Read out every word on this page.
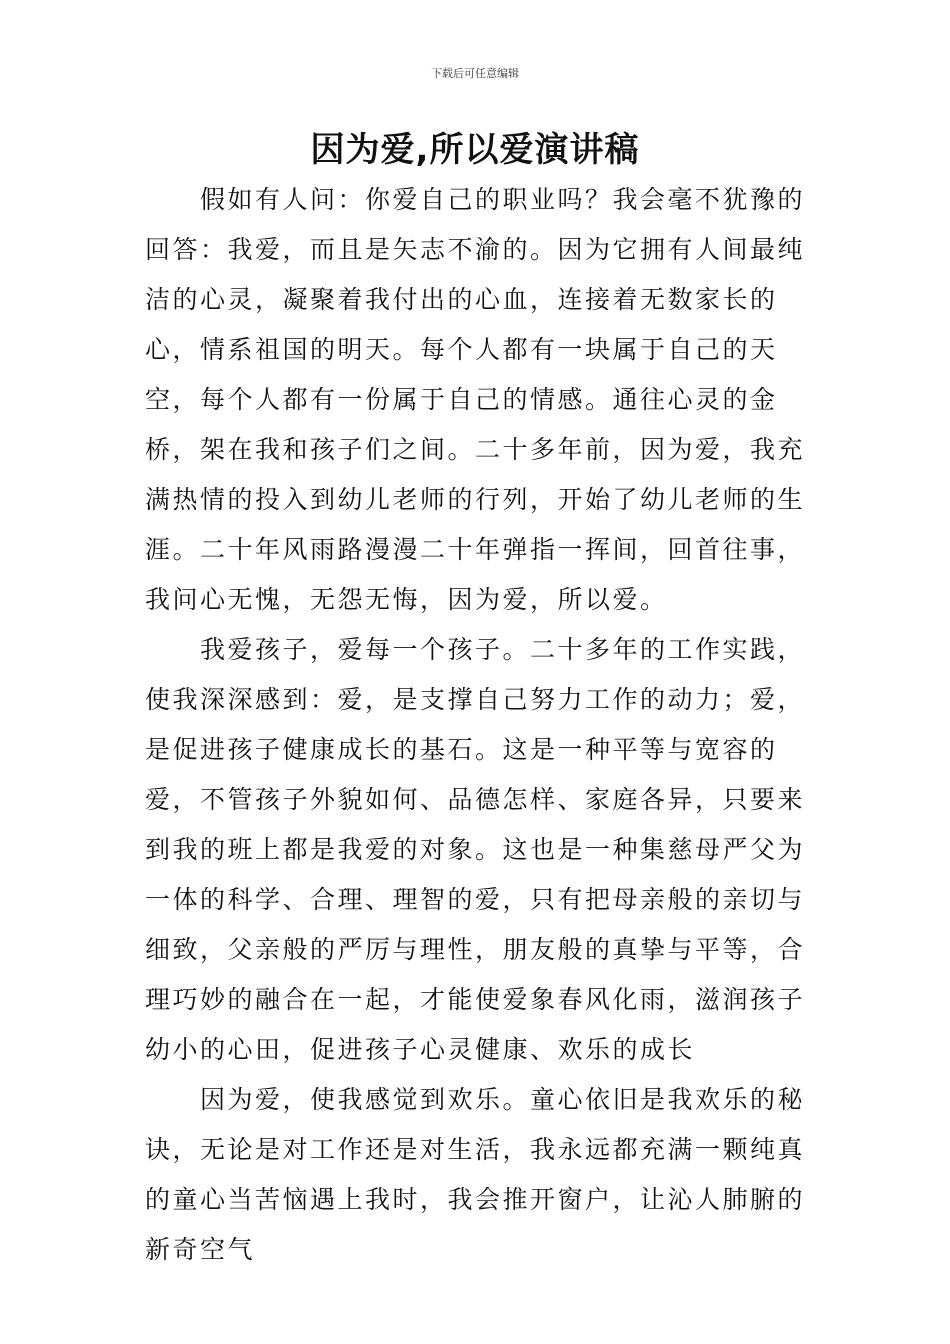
下载后可任意编辑
因为爱,所以爱演讲稿

假如有人问：你爱自己的职业吗？我会毫不犹豫的回答：我爱，而且是矢志不渝的。因为它拥有人间最纯洁的心灵，凝聚着我付出的心血，连接着无数家长的心，情系祖国的明天。每个人都有一块属于自己的天空，每个人都有一份属于自己的情感。通往心灵的金桥，架在我和孩子们之间。二十多年前，因为爱，我充满热情的投入到幼儿老师的行列，开始了幼儿老师的生涯。二十年风雨路漫漫二十年弹指一挥间，回首往事，我问心无愧，无怨无悔，因为爱，所以爱。

我爱孩子，爱每一个孩子。二十多年的工作实践，使我深深感到：爱，是支撑自己努力工作的动力；爱，是促进孩子健康成长的基石。这是一种平等与宽容的爱，不管孩子外貌如何、品德怎样、家庭各异，只要来到我的班上都是我爱的对象。这也是一种集慈母严父为一体的科学、合理、理智的爱，只有把母亲般的亲切与细致，父亲般的严厉与理性，朋友般的真挚与平等，合理巧妙的融合在一起，才能使爱象春风化雨，滋润孩子幼小的心田，促进孩子心灵健康、欢乐的成长

因为爱，使我感觉到欢乐。童心依旧是我欢乐的秘诀，无论是对工作还是对生活，我永远都充满一颗纯真的童心当苦恼遇上我时，我会推开窗户，让沁人肺腑的新奇空气
